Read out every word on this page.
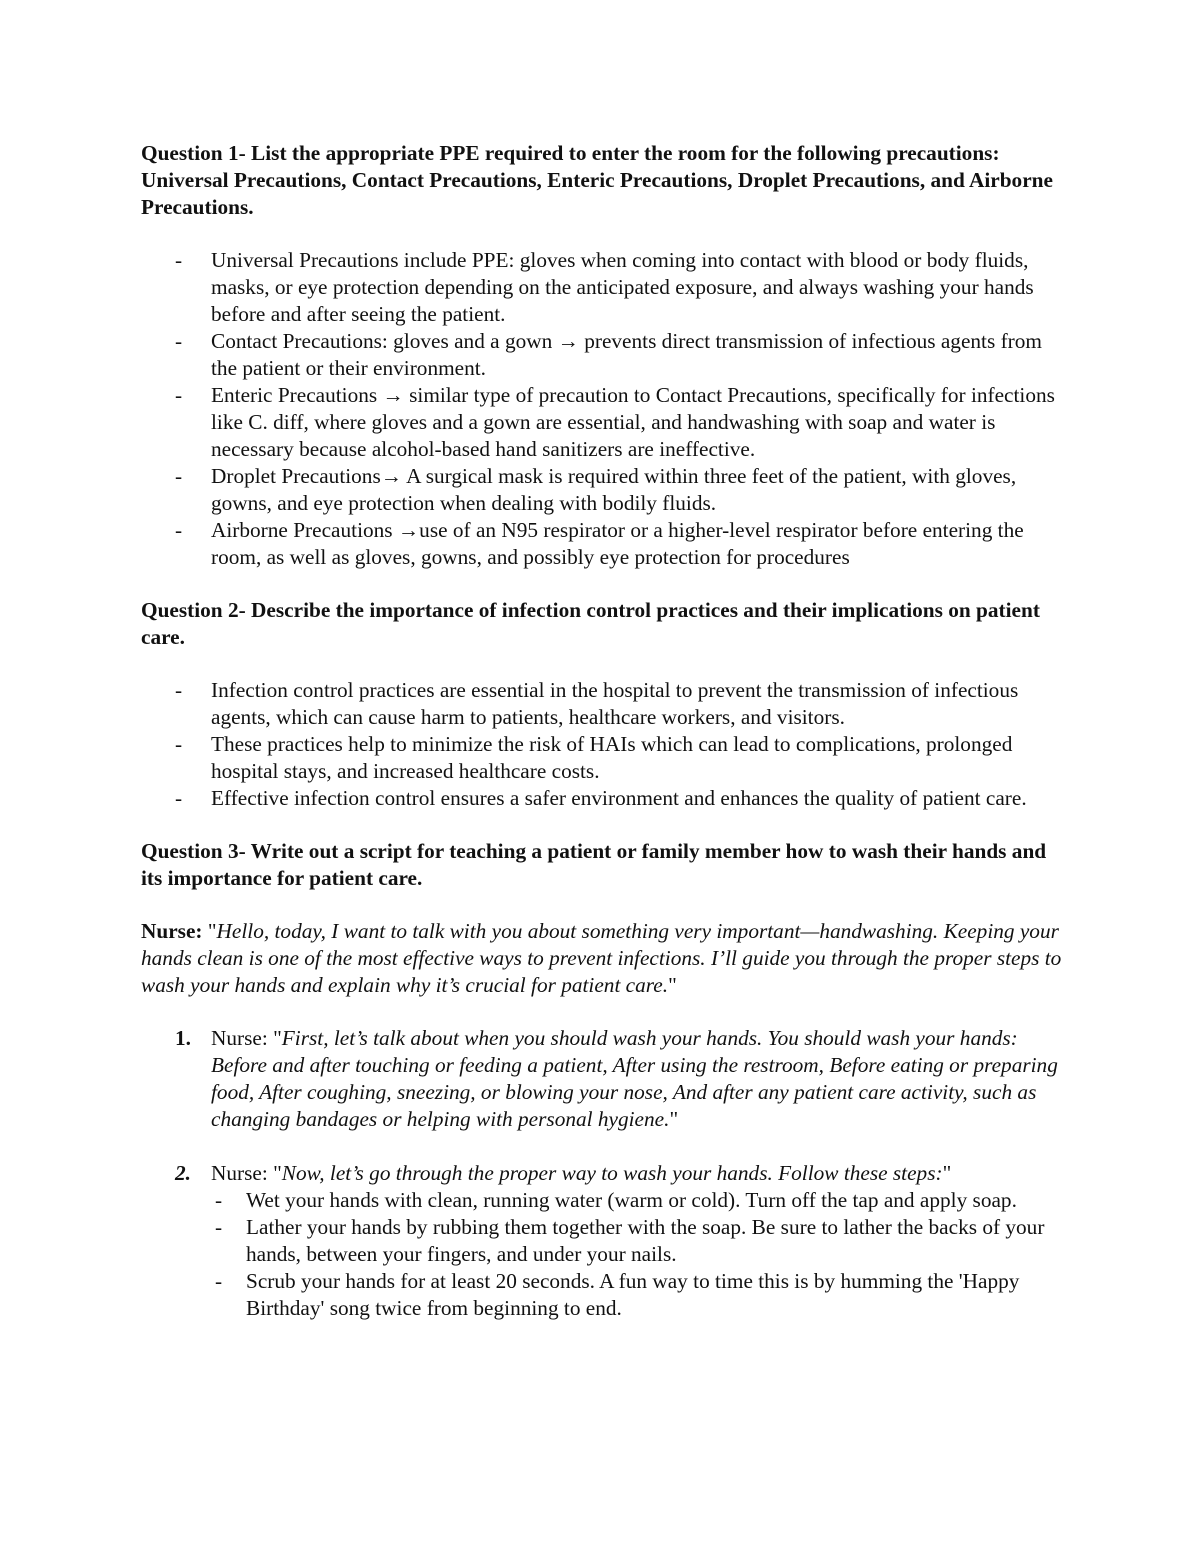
Question 1- List the appropriate PPE required to enter the room for the following precautions: Universal Precautions, Contact Precautions, Enteric Precautions, Droplet Precautions, and Airborne Precautions.

- Universal Precautions include PPE: gloves when coming into contact with blood or body fluids, masks, or eye protection depending on the anticipated exposure, and always washing your hands before and after seeing the patient.
- Contact Precautions: gloves and a gown → prevents direct transmission of infectious agents from the patient or their environment.
- Enteric Precautions → similar type of precaution to Contact Precautions, specifically for infections like C. diff, where gloves and a gown are essential, and handwashing with soap and water is necessary because alcohol-based hand sanitizers are ineffective.
- Droplet Precautions→ A surgical mask is required within three feet of the patient, with gloves, gowns, and eye protection when dealing with bodily fluids.
- Airborne Precautions →use of an N95 respirator or a higher-level respirator before entering the room, as well as gloves, gowns, and possibly eye protection for procedures

Question 2- Describe the importance of infection control practices and their implications on patient care.

- Infection control practices are essential in the hospital to prevent the transmission of infectious agents, which can cause harm to patients, healthcare workers, and visitors.
- These practices help to minimize the risk of HAIs which can lead to complications, prolonged hospital stays, and increased healthcare costs.
- Effective infection control ensures a safer environment and enhances the quality of patient care.

Question 3- Write out a script for teaching a patient or family member how to wash their hands and its importance for patient care.

Nurse: "Hello, today, I want to talk with you about something very important—handwashing. Keeping your hands clean is one of the most effective ways to prevent infections. I’ll guide you through the proper steps to wash your hands and explain why it’s crucial for patient care."

1. Nurse: "First, let’s talk about when you should wash your hands. You should wash your hands: Before and after touching or feeding a patient, After using the restroom, Before eating or preparing food, After coughing, sneezing, or blowing your nose, And after any patient care activity, such as changing bandages or helping with personal hygiene."
2. Nurse: "Now, let’s go through the proper way to wash your hands. Follow these steps:"
- Wet your hands with clean, running water (warm or cold). Turn off the tap and apply soap.
- Lather your hands by rubbing them together with the soap. Be sure to lather the backs of your hands, between your fingers, and under your nails.
- Scrub your hands for at least 20 seconds. A fun way to time this is by humming the 'Happy Birthday' song twice from beginning to end.
